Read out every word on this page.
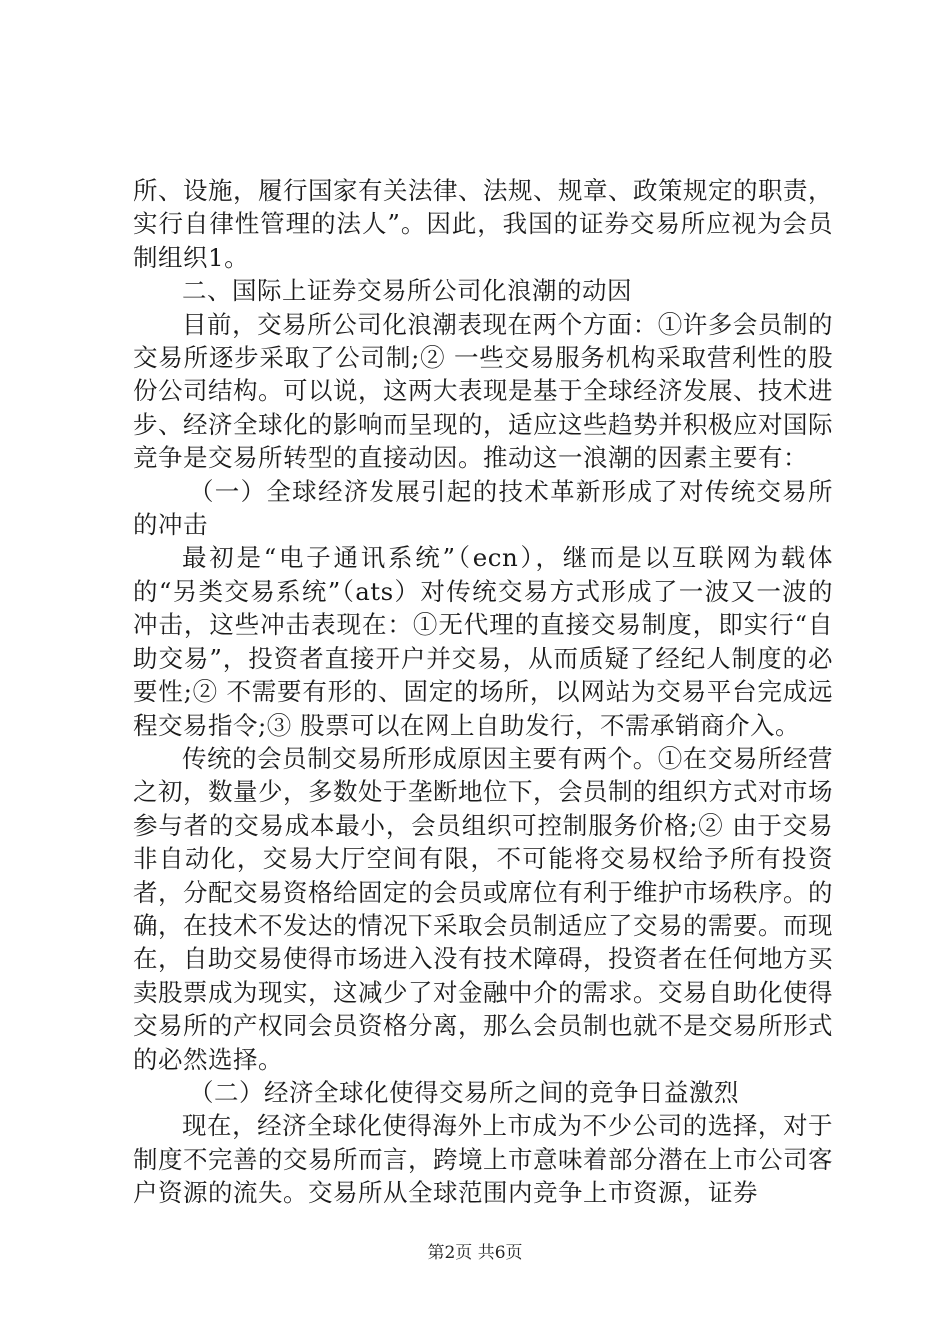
所、设施，履行国家有关法律、法规、规章、政策规定的职责，实行自律性管理的法人”。因此，我国的证券交易所应视为会员制组织1。

二、国际上证券交易所公司化浪潮的动因

目前，交易所公司化浪潮表现在两个方面：①许多会员制的交易所逐步采取了公司制;② 一些交易服务机构采取营利性的股份公司结构。可以说，这两大表现是基于全球经济发展、技术进步、经济全球化的影响而呈现的，适应这些趋势并积极应对国际竞争是交易所转型的直接动因。推动这一浪潮的因素主要有：

（一）全球经济发展引起的技术革新形成了对传统交易所的冲击

最初是“电子通讯系统”（ecn），继而是以互联网为载体的“另类交易系统”（ats）对传统交易方式形成了一波又一波的冲击，这些冲击表现在：①无代理的直接交易制度，即实行“自助交易”，投资者直接开户并交易，从而质疑了经纪人制度的必要性;② 不需要有形的、固定的场所，以网站为交易平台完成远程交易指令;③ 股票可以在网上自助发行，不需承销商介入。

传统的会员制交易所形成原因主要有两个。①在交易所经营之初，数量少，多数处于垄断地位下，会员制的组织方式对市场参与者的交易成本最小，会员组织可控制服务价格;② 由于交易非自动化，交易大厅空间有限，不可能将交易权给予所有投资者，分配交易资格给固定的会员或席位有利于维护市场秩序。的确，在技术不发达的情况下采取会员制适应了交易的需要。而现在，自助交易使得市场进入没有技术障碍，投资者在任何地方买卖股票成为现实，这减少了对金融中介的需求。交易自助化使得交易所的产权同会员资格分离，那么会员制也就不是交易所形式的必然选择。

（二）经济全球化使得交易所之间的竞争日益激烈

现在，经济全球化使得海外上市成为不少公司的选择，对于制度不完善的交易所而言，跨境上市意味着部分潜在上市公司客户资源的流失。交易所从全球范围内竞争上市资源，证券

第2页 共6页
